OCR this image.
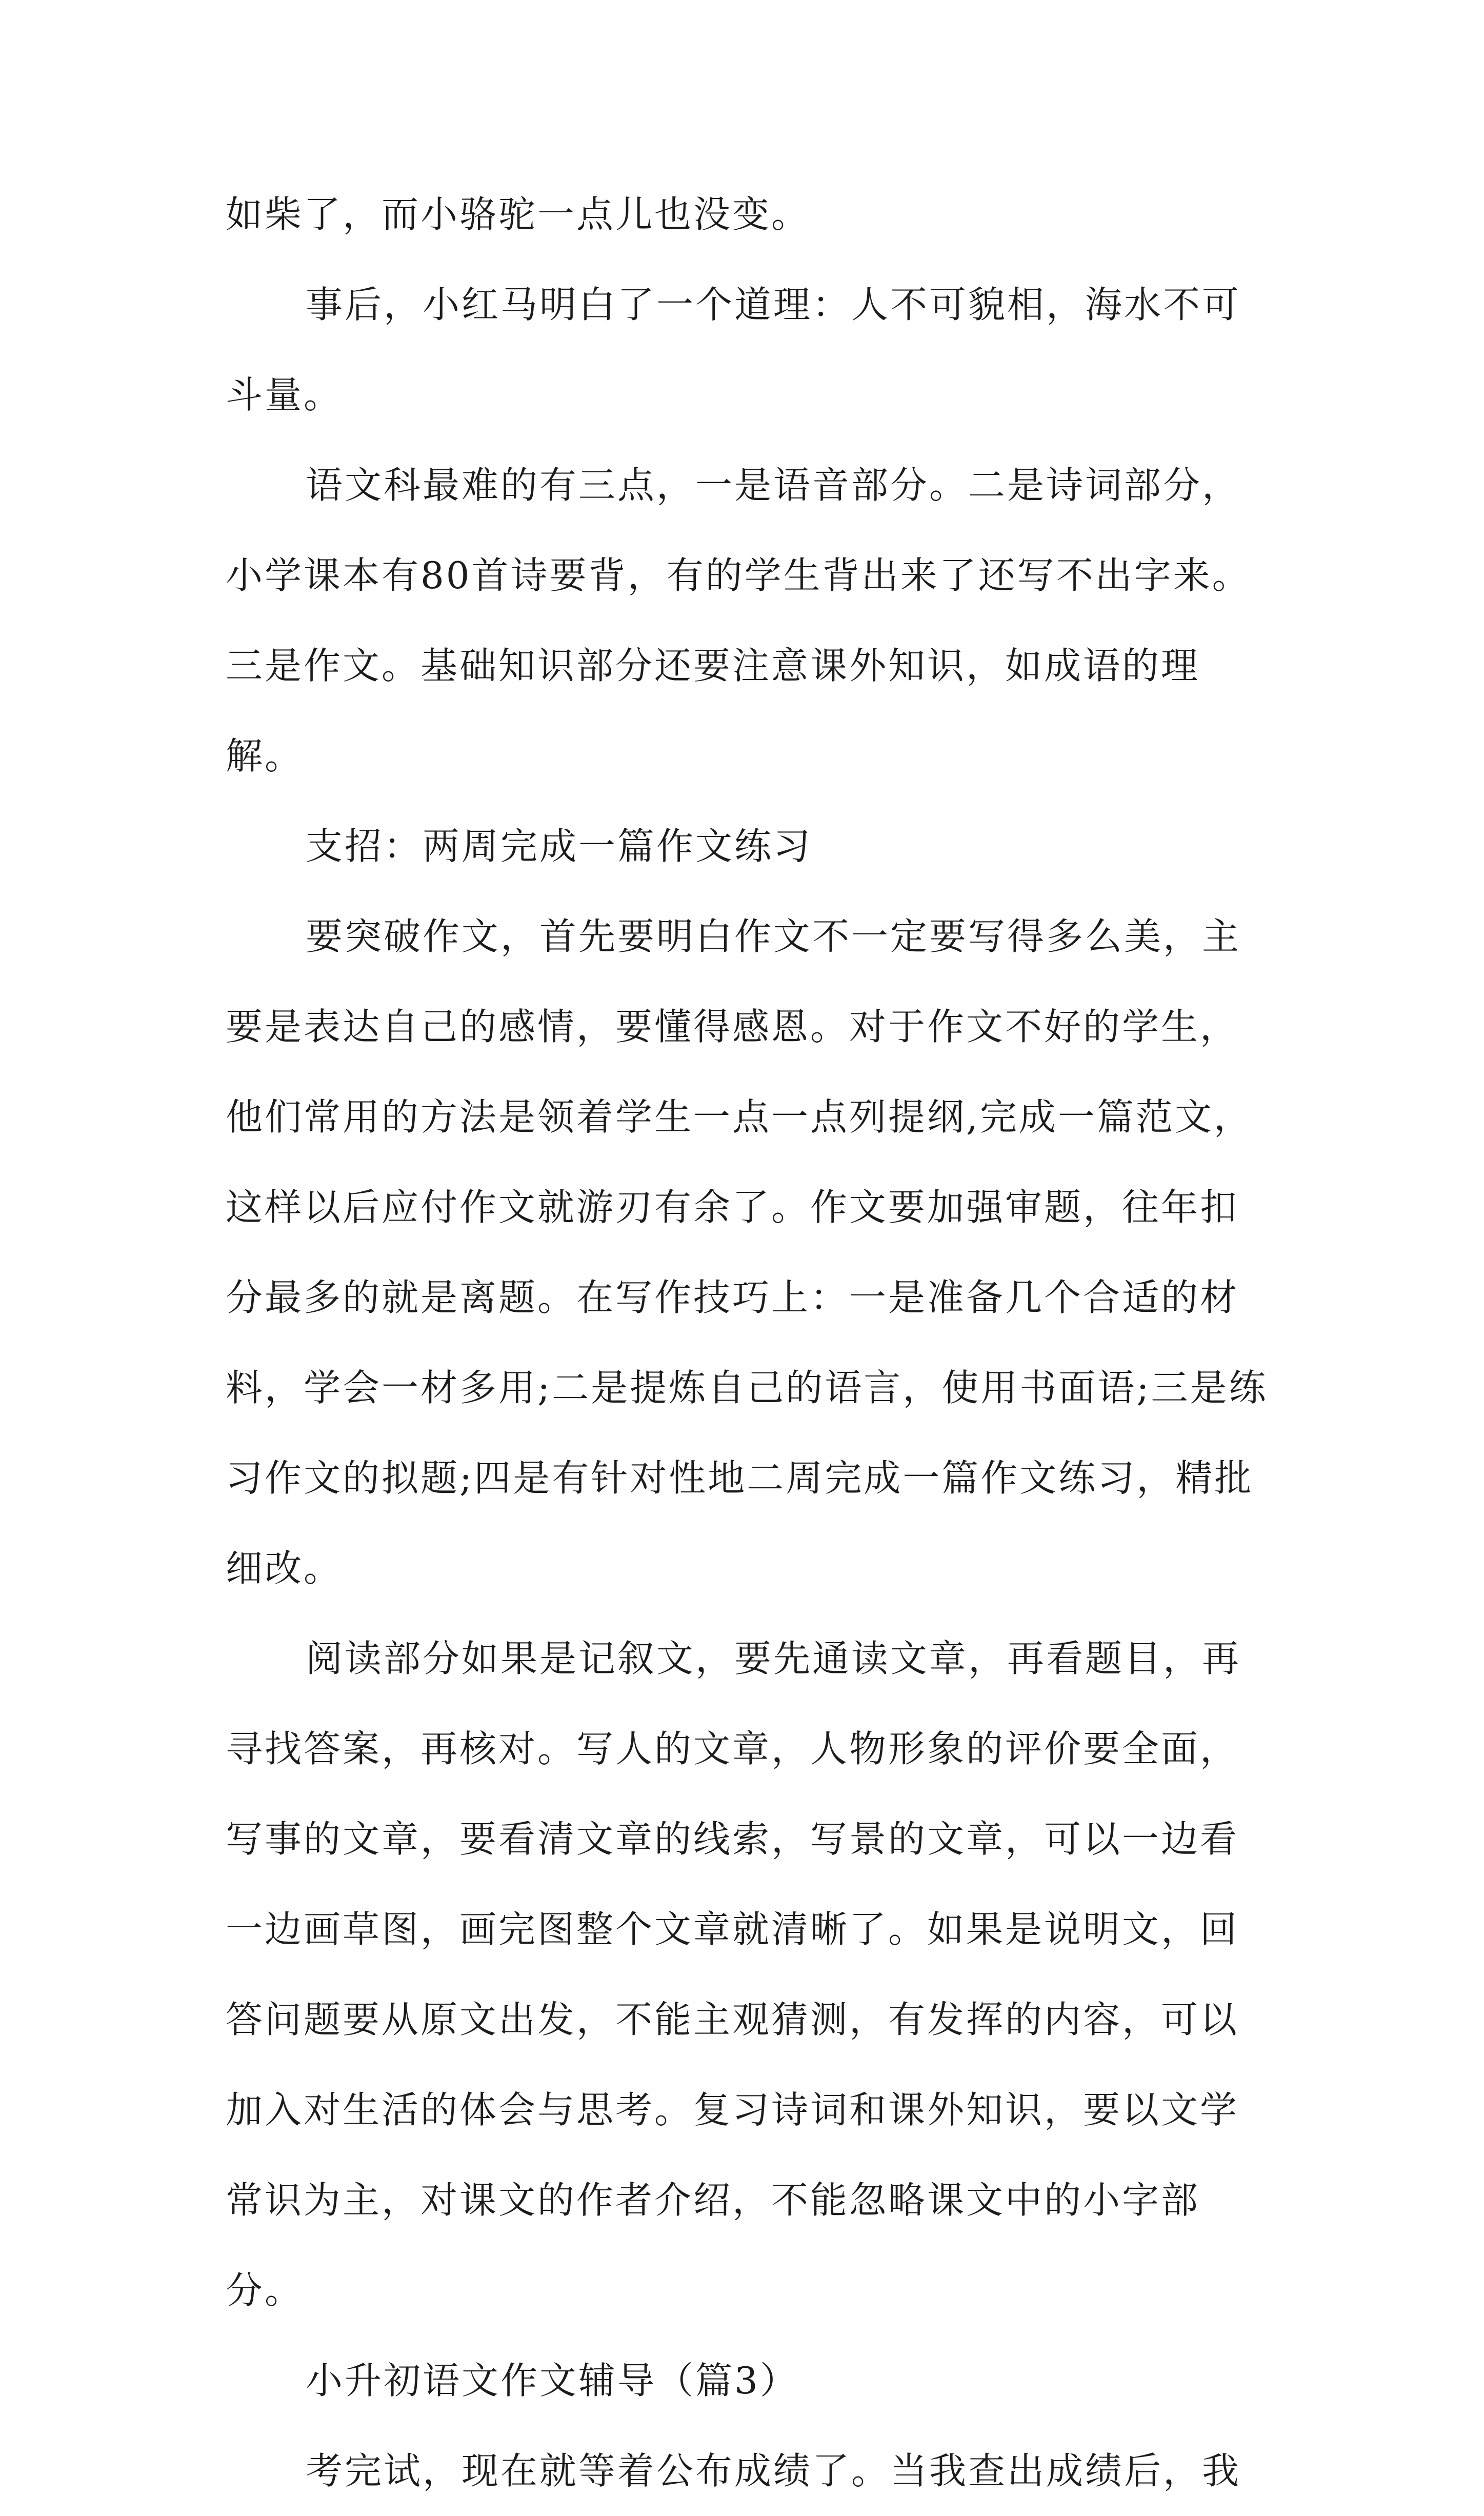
如柴了，而小骆驼一点儿也没变。

事后，小红马明白了一个道理：人不可貌相，海水不可斗量。

语文科最难的有三点，一是语音部分。二是诗词部分，小学课本有80首诗要背，有的学生背出来了还写不出字来。三是作文。基础知识部分还要注意课外知识，如成语的理解。

支招：两周完成一篇作文练习

要突破作文，首先要明白作文不一定要写得多么美，主要是表达自己的感情，要懂得感恩。对于作文不好的学生，他们常用的方法是领着学生一点一点列提纲,完成一篇范文，这样以后应付作文就游刃有余了。作文要加强审题，往年扣分最多的就是离题。在写作技巧上：一是准备几个合适的材料，学会一材多用;二是提炼自己的语言，使用书面语;三是练习作文的拟题;四是有针对性地二周完成一篇作文练习，精批细改。

阅读部分如果是记叙文，要先通读文章，再看题目，再寻找答案，再核对。写人的文章，人物形象的评价要全面，写事的文章，要看清文章的线索，写景的文章，可以一边看一边画草图，画完图整个文章就清晰了。如果是说明文，回答问题要从原文出发，不能主观猜测，有发挥的内容，可以加入对生活的体会与思考。复习诗词和课外知识，要以文学常识为主，对课文的作者介绍，不能忽略课文中的小字部分。

小升初语文作文辅导（篇3）

考完试，现在就等着公布成绩了。当我查出成绩后，我
